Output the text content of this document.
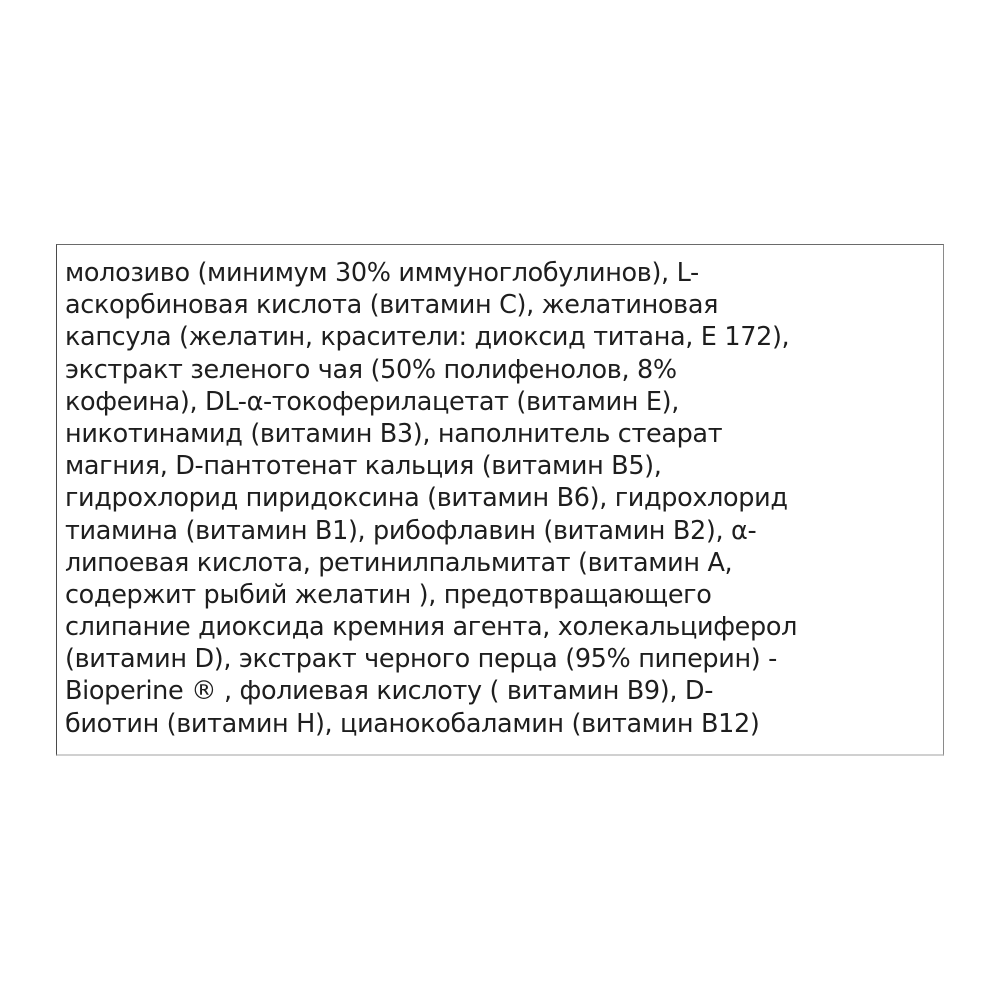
молозиво (минимум 30% иммуноглобулинов), L-
аскорбиновая кислота (витамин С), желатиновая
капсула (желатин, красители: диоксид титана, E 172),
экстракт зеленого чая (50% полифенолов, 8%
кофеина), DL-α-токоферилацетат (витамин Е),
никотинамид (витамин В3), наполнитель стеарат
магния, D-пантотенат кальция (витамин В5),
гидрохлорид пиридоксина (витамин В6), гидрохлорид
тиамина (витамин В1), рибофлавин (витамин В2), α-
липоевая кислота, ретинилпальмитат (витамин А,
содержит рыбий желатин ), предотвращающего
слипание диоксида кремния агента, холекальциферол
(витамин D), экстракт черного перца (95% пиперин) -
Bioperine ® , фолиевая кислоту ( витамин В9), D-
биотин (витамин Н), цианокобаламин (витамин В12)
